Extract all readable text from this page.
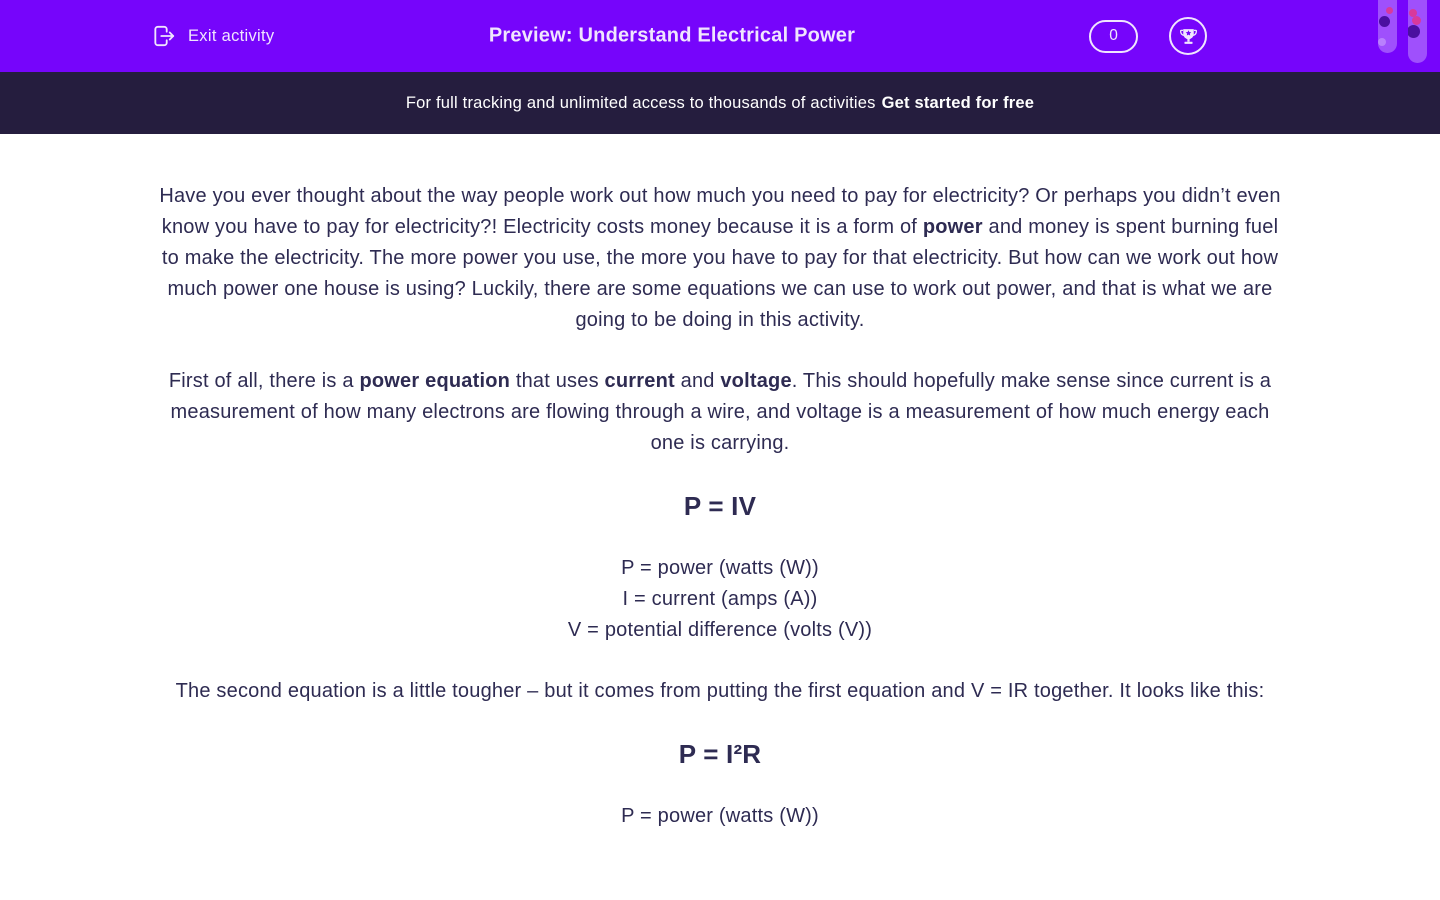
Exit activity	Preview: Understand Electrical Power	0
For full tracking and unlimited access to thousands of activities Get started for free

Have you ever thought about the way people work out how much you need to pay for electricity? Or perhaps you didn’t even know you have to pay for electricity?! Electricity costs money because it is a form of power and money is spent burning fuel to make the electricity. The more power you use, the more you have to pay for that electricity. But how can we work out how much power one house is using? Luckily, there are some equations we can use to work out power, and that is what we are going to be doing in this activity.

First of all, there is a power equation that uses current and voltage. This should hopefully make sense since current is a measurement of how many electrons are flowing through a wire, and voltage is a measurement of how much energy each one is carrying.

P = IV

P = power (watts (W))

I = current (amps (A))

V = potential difference (volts (V))

The second equation is a little tougher – but it comes from putting the first equation and V = IR together. It looks like this:

P = I²R

P = power (watts (W))
